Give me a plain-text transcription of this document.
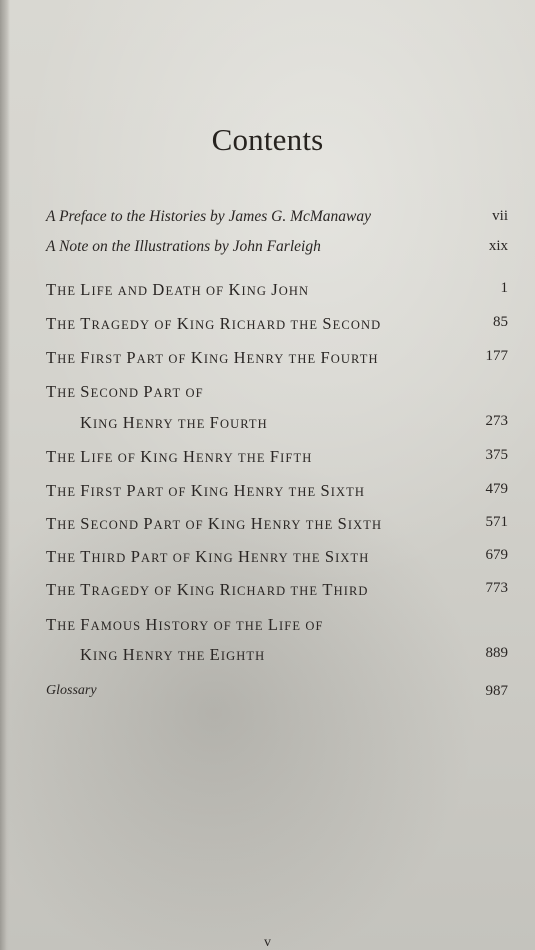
Contents
A Preface to the Histories by James G. McManaway	vii
A Note on the Illustrations by John Farleigh	xix
THE LIFE AND DEATH OF KING JOHN	1
THE TRAGEDY OF KING RICHARD THE SECOND	85
THE FIRST PART OF KING HENRY THE FOURTH	177
THE SECOND PART OF
KING HENRY THE FOURTH	273
THE LIFE OF KING HENRY THE FIFTH	375
THE FIRST PART OF KING HENRY THE SIXTH	479
THE SECOND PART OF KING HENRY THE SIXTH	571
THE THIRD PART OF KING HENRY THE SIXTH	679
THE TRAGEDY OF KING RICHARD THE THIRD	773
THE FAMOUS HISTORY OF THE LIFE OF
KING HENRY THE EIGHTH	889
Glossary	987
v
